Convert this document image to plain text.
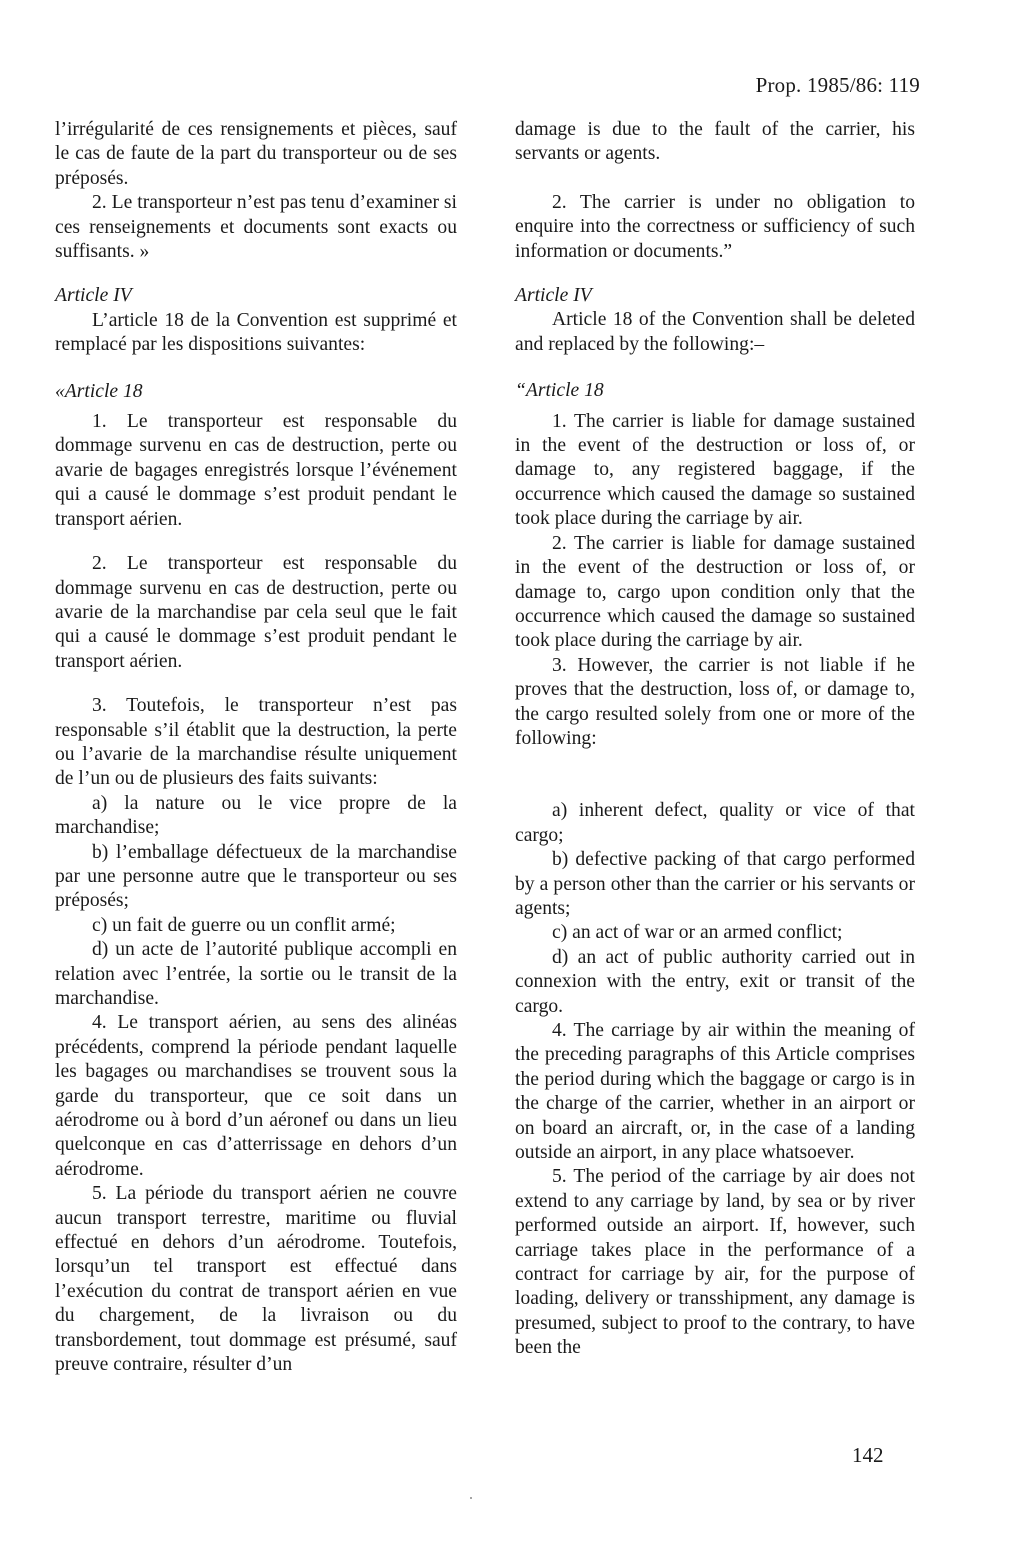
Prop. 1985/86: 119

l’irrégularité de ces rensignements et pièces, sauf le cas de faute de la part du transporteur ou de ses préposés.

2. Le transporteur n’est pas tenu d’examiner si ces renseignements et documents sont exacts ou suffisants. »

Article IV

L’article 18 de la Convention est supprimé et remplacé par les dispositions suivantes:

«Article 18

1. Le transporteur est responsable du dommage survenu en cas de destruction, perte ou avarie de bagages enregistrés lorsque l’événement qui a causé le dommage s’est produit pendant le transport aérien.

2. Le transporteur est responsable du dommage survenu en cas de destruction, perte ou avarie de la marchandise par cela seul que le fait qui a causé le dommage s’est produit pendant le transport aérien.

3. Toutefois, le transporteur n’est pas responsable s’il établit que la destruction, la perte ou l’avarie de la marchandise résulte uniquement de l’un ou de plusieurs des faits suivants:

a) la nature ou le vice propre de la marchandise;

b) l’emballage défectueux de la marchandise par une personne autre que le transporteur ou ses préposés;

c) un fait de guerre ou un conflit armé;

d) un acte de l’autorité publique accompli en relation avec l’entrée, la sortie ou le transit de la marchandise.

4. Le transport aérien, au sens des alinéas précédents, comprend la période pendant laquelle les bagages ou marchandises se trouvent sous la garde du transporteur, que ce soit dans un aérodrome ou à bord d’un aéronef ou dans un lieu quelconque en cas d’atterrissage en dehors d’un aérodrome.

5. La période du transport aérien ne couvre aucun transport terrestre, maritime ou fluvial effectué en dehors d’un aérodrome. Toutefois, lorsqu’un tel transport est effectué dans l’exécution du contrat de transport aérien en vue du chargement, de la livraison ou du transbordement, tout dommage est présumé, sauf preuve contraire, résulter d’un

damage is due to the fault of the carrier, his servants or agents.

2. The carrier is under no obligation to enquire into the correctness or sufficiency of such information or documents.”

Article IV

Article 18 of the Convention shall be deleted and replaced by the following:–

“Article 18

1. The carrier is liable for damage sustained in the event of the destruction or loss of, or damage to, any registered baggage, if the occurrence which caused the damage so sustained took place during the carriage by air.

2. The carrier is liable for damage sustained in the event of the destruction or loss of, or damage to, cargo upon condition only that the occurrence which caused the damage so sustained took place during the carriage by air.

3. However, the carrier is not liable if he proves that the destruction, loss of, or damage to, the cargo resulted solely from one or more of the following:

a) inherent defect, quality or vice of that cargo;

b) defective packing of that cargo performed by a person other than the carrier or his servants or agents;

c) an act of war or an armed conflict;

d) an act of public authority carried out in connexion with the entry, exit or transit of the cargo.

4. The carriage by air within the meaning of the preceding paragraphs of this Article comprises the period during which the baggage or cargo is in the charge of the carrier, whether in an airport or on board an aircraft, or, in the case of a landing outside an airport, in any place whatsoever.

5. The period of the carriage by air does not extend to any carriage by land, by sea or by river performed outside an airport. If, however, such carriage takes place in the performance of a contract for carriage by air, for the purpose of loading, delivery or transshipment, any damage is presumed, subject to proof to the contrary, to have been the

142
